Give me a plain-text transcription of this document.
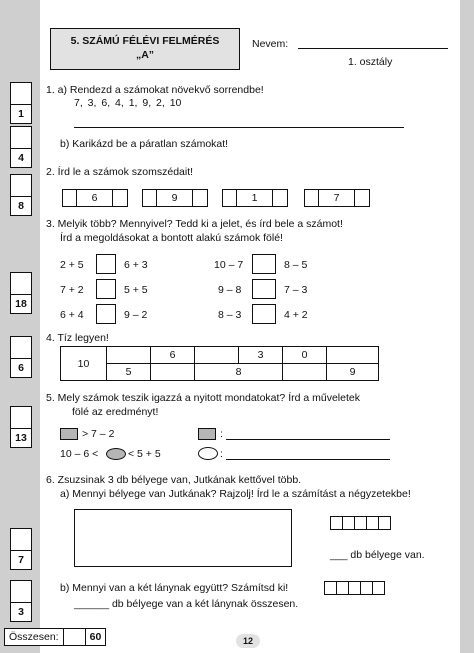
5. SZÁMÚ FÉLÉVI FELMÉRÉS
„A”
Nevem:
1. osztály
1
4
8
18
6
13
7
3
1. a) Rendezd a számokat növekvő sorrendbe!
7, 3, 6, 4, 1, 9, 2, 10
b) Karikázd be a páratlan számokat!
2. Írd le a számok szomszédait!
6	9	1	7
3. Melyik több? Mennyivel? Tedd ki a jelet, és írd bele a számot!
Írd a megoldásokat a bontott alakú számok fölé!
2 + 5	6 + 3	10 – 7	8 – 5
7 + 2	5 + 5	9 – 8	7 – 3
6 + 4	9 – 2	8 – 3	4 + 2
4. Tíz legyen!
10		6		3	0	
	5		8			9
5. Mely számok teszik igazzá a nyitott mondatokat? Írd a műveletek
fölé az eredményt!
> 7 – 2	:
10 – 6 <	< 5 + 5	:
6. Zsuzsinak 3 db bélyege van, Jutkának kettővel több.
a) Mennyi bélyege van Jutkának? Rajzolj! Írd le a számítást a négyzetekbe!
___ db bélyege van.
b) Mennyi van a két lánynak együtt? Számítsd ki!
______ db bélyege van a két lánynak összesen.
Összesen:	60	12
